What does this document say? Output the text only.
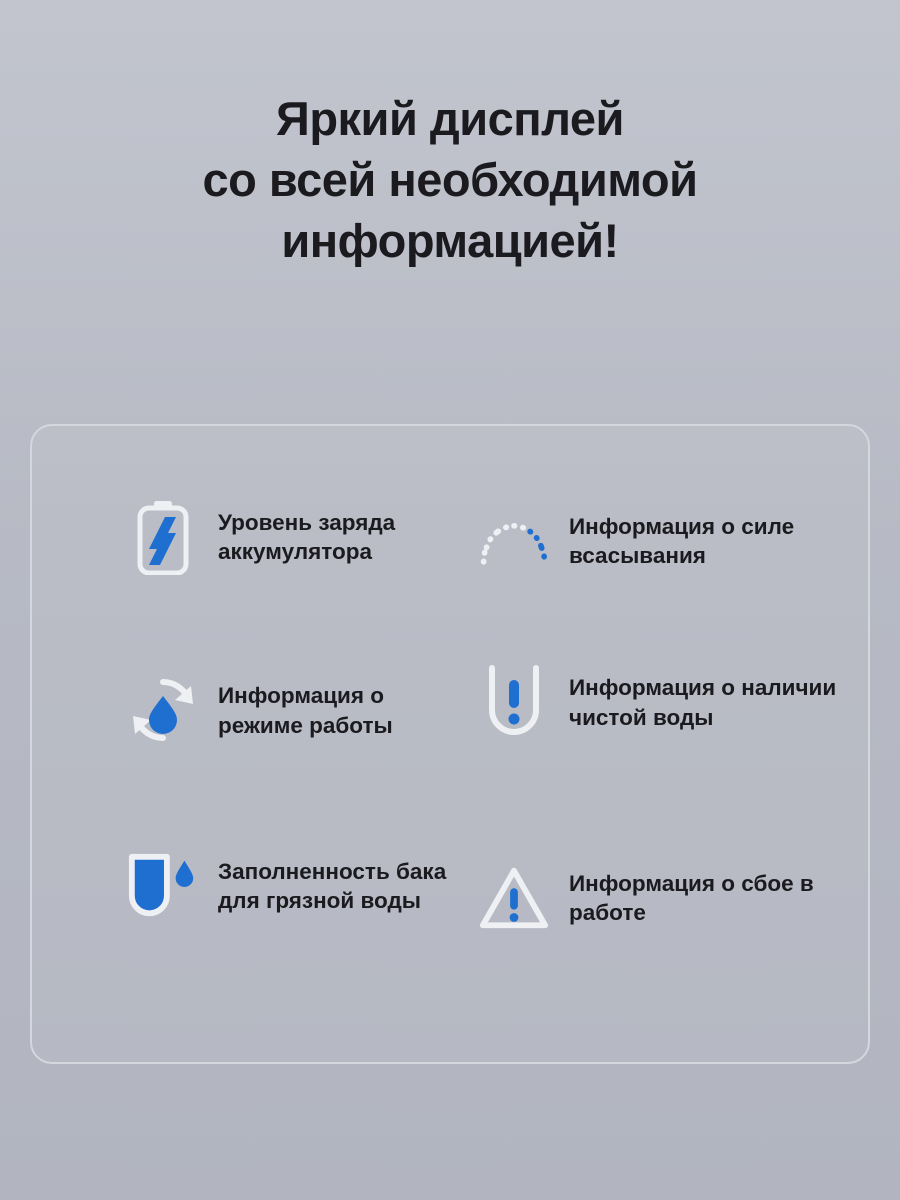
Яркий дисплей
со всей необходимой
информацией!
Уровень заряда аккумулятора
Информация о силе всасывания
Информация о режиме работы
Информация о наличии чистой воды
Заполненность бака для грязной воды
Информация о сбое в работе
